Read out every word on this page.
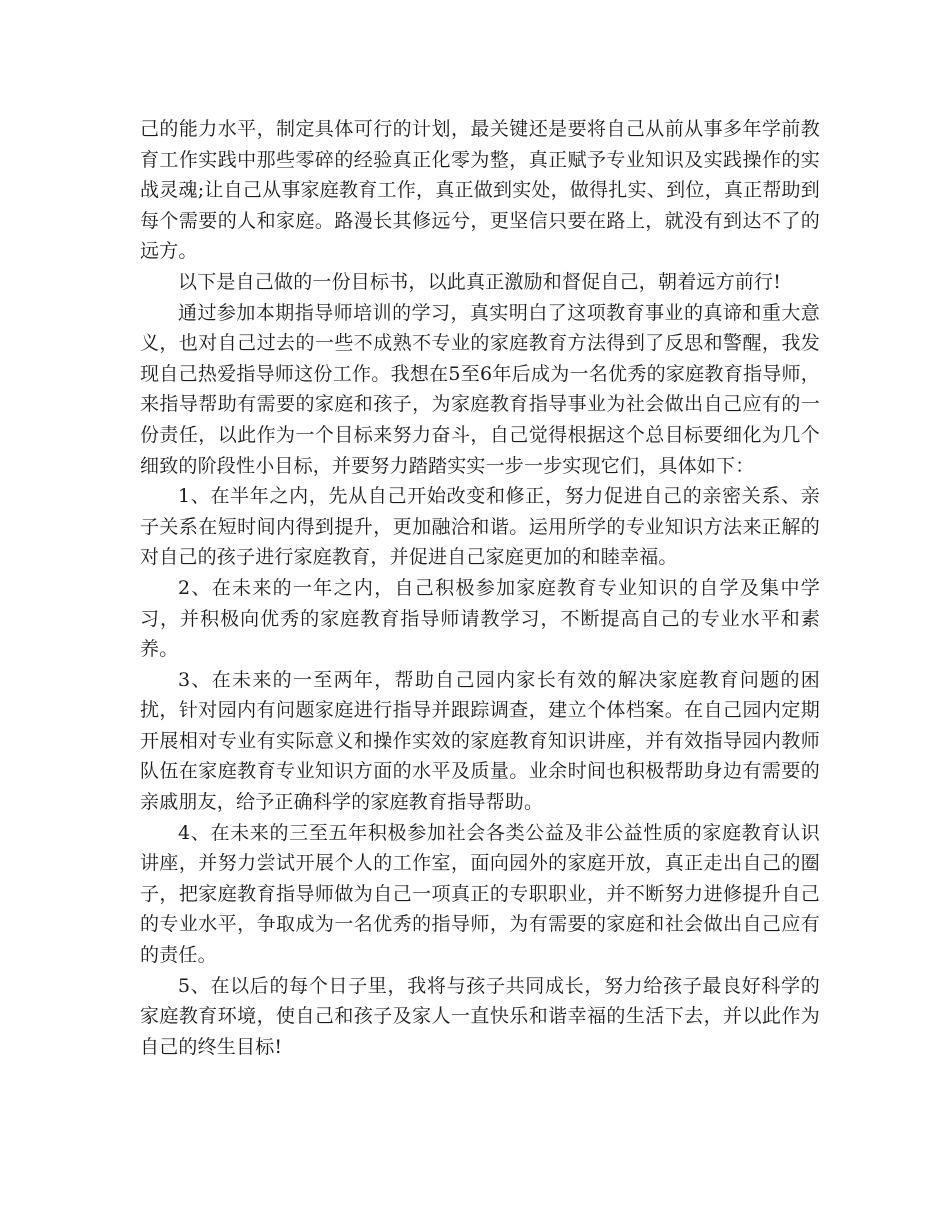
己的能力水平，制定具体可行的计划，最关键还是要将自己从前从事多年学前教育工作实践中那些零碎的经验真正化零为整，真正赋予专业知识及实践操作的实战灵魂;让自己从事家庭教育工作，真正做到实处，做得扎实、到位，真正帮助到每个需要的人和家庭。路漫长其修远兮，更坚信只要在路上，就没有到达不了的远方。

以下是自己做的一份目标书，以此真正激励和督促自己，朝着远方前行!

通过参加本期指导师培训的学习，真实明白了这项教育事业的真谛和重大意义，也对自己过去的一些不成熟不专业的家庭教育方法得到了反思和警醒，我发现自己热爱指导师这份工作。我想在5至6年后成为一名优秀的家庭教育指导师，来指导帮助有需要的家庭和孩子，为家庭教育指导事业为社会做出自己应有的一份责任，以此作为一个目标来努力奋斗，自己觉得根据这个总目标要细化为几个细致的阶段性小目标，并要努力踏踏实实一步一步实现它们，具体如下：

1、在半年之内，先从自己开始改变和修正，努力促进自己的亲密关系、亲子关系在短时间内得到提升，更加融洽和谐。运用所学的专业知识方法来正解的对自己的孩子进行家庭教育，并促进自己家庭更加的和睦幸福。

2、在未来的一年之内，自己积极参加家庭教育专业知识的自学及集中学习，并积极向优秀的家庭教育指导师请教学习，不断提高自己的专业水平和素养。

3、在未来的一至两年，帮助自己园内家长有效的解决家庭教育问题的困扰，针对园内有问题家庭进行指导并跟踪调查，建立个体档案。在自己园内定期开展相对专业有实际意义和操作实效的家庭教育知识讲座，并有效指导园内教师队伍在家庭教育专业知识方面的水平及质量。业余时间也积极帮助身边有需要的亲戚朋友，给予正确科学的家庭教育指导帮助。

4、在未来的三至五年积极参加社会各类公益及非公益性质的家庭教育认识讲座，并努力尝试开展个人的工作室，面向园外的家庭开放，真正走出自己的圈子，把家庭教育指导师做为自己一项真正的专职职业，并不断努力进修提升自己的专业水平，争取成为一名优秀的指导师，为有需要的家庭和社会做出自己应有的责任。

5、在以后的每个日子里，我将与孩子共同成长，努力给孩子最良好科学的家庭教育环境，使自己和孩子及家人一直快乐和谐幸福的生活下去，并以此作为自己的终生目标!
